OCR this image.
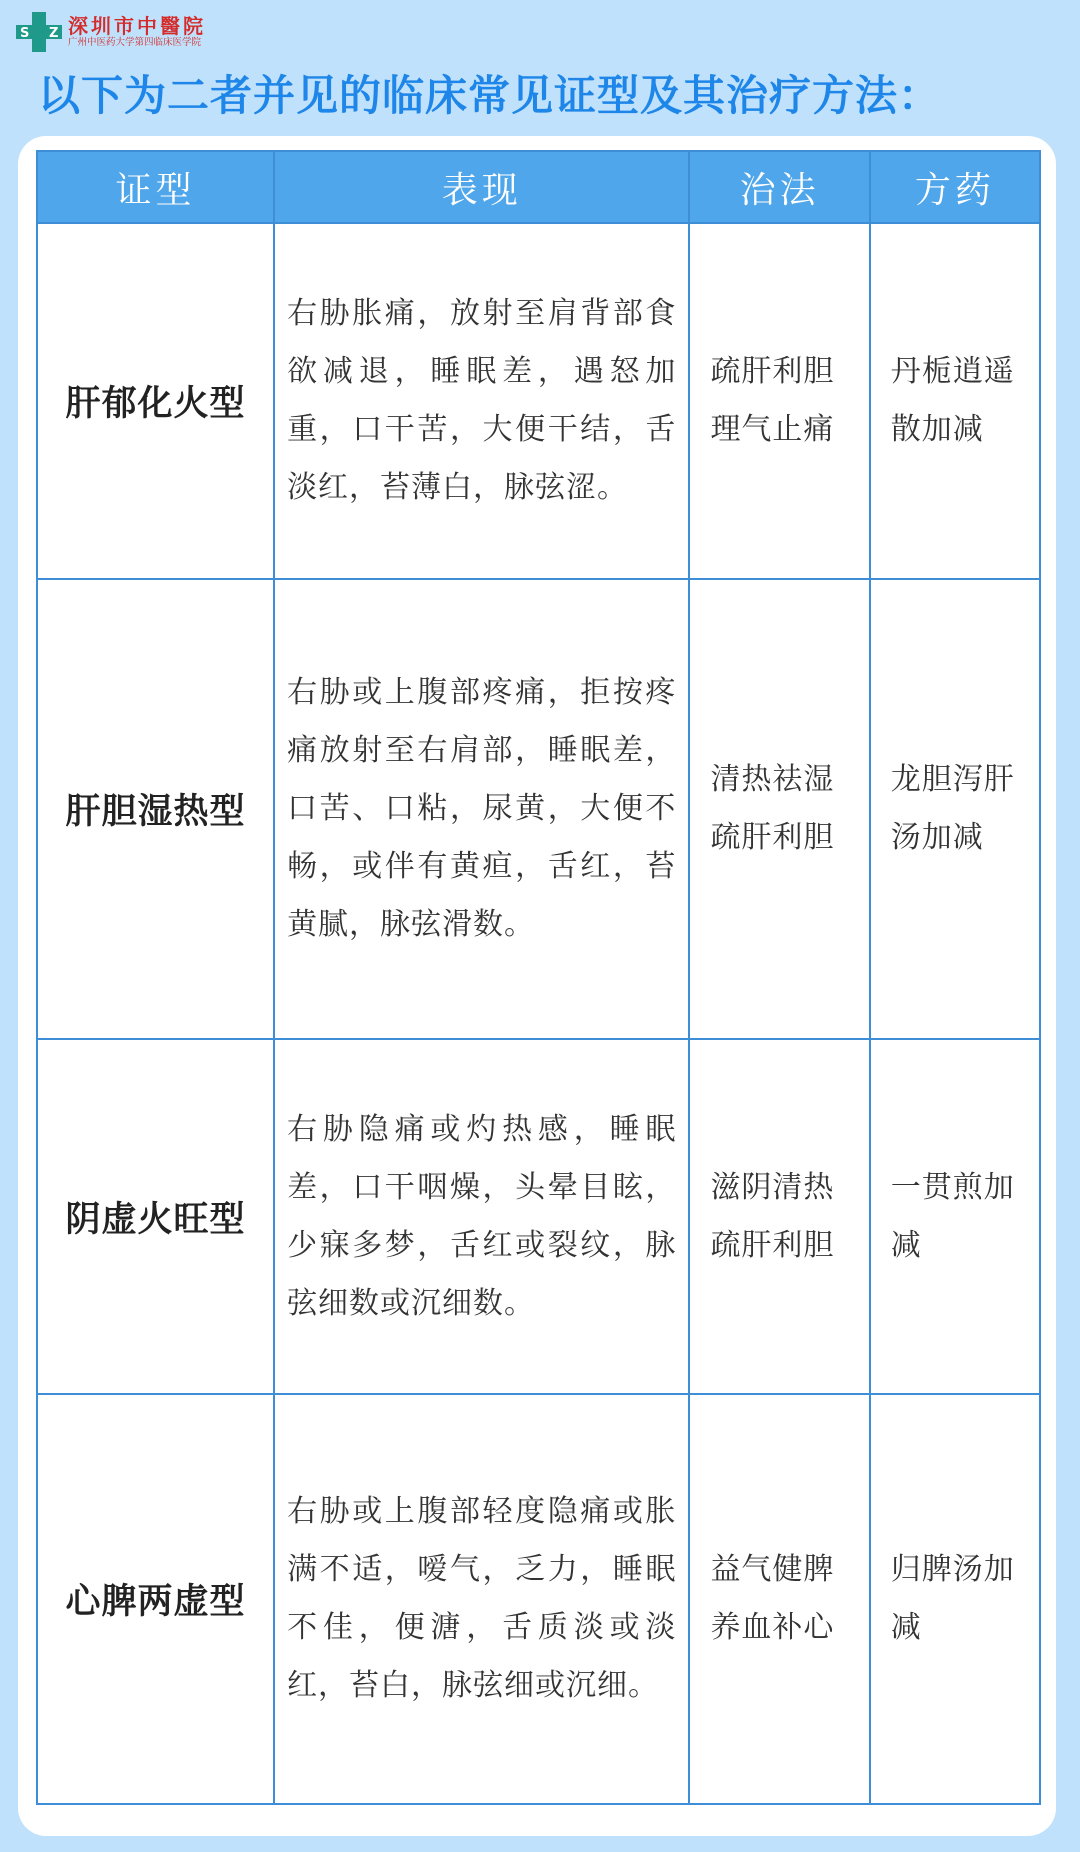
S Z 深圳市中醫院
广州中医药大学第四临床医学院
以下为二者并见的临床常见证型及其治疗方法：
证型	表现	治法	方药
肝郁化火型	右胁胀痛，放射至肩背部食欲减退，睡眠差，遇怒加重，口干苦，大便干结，舌淡红，苔薄白，脉弦涩。	疏肝利胆理气止痛	丹栀逍遥散加减
肝胆湿热型	右胁或上腹部疼痛，拒按疼痛放射至右肩部，睡眠差，口苦、口粘，尿黄，大便不畅，或伴有黄疸，舌红，苔黄腻，脉弦滑数。	清热祛湿疏肝利胆	龙胆泻肝汤加减
阴虚火旺型	右胁隐痛或灼热感，睡眠差，口干咽燥，头晕目眩，少寐多梦，舌红或裂纹，脉弦细数或沉细数。	滋阴清热疏肝利胆	一贯煎加减
心脾两虚型	右胁或上腹部轻度隐痛或胀满不适，嗳气，乏力，睡眠不佳，便溏，舌质淡或淡红，苔白，脉弦细或沉细。	益气健脾养血补心	归脾汤加减
